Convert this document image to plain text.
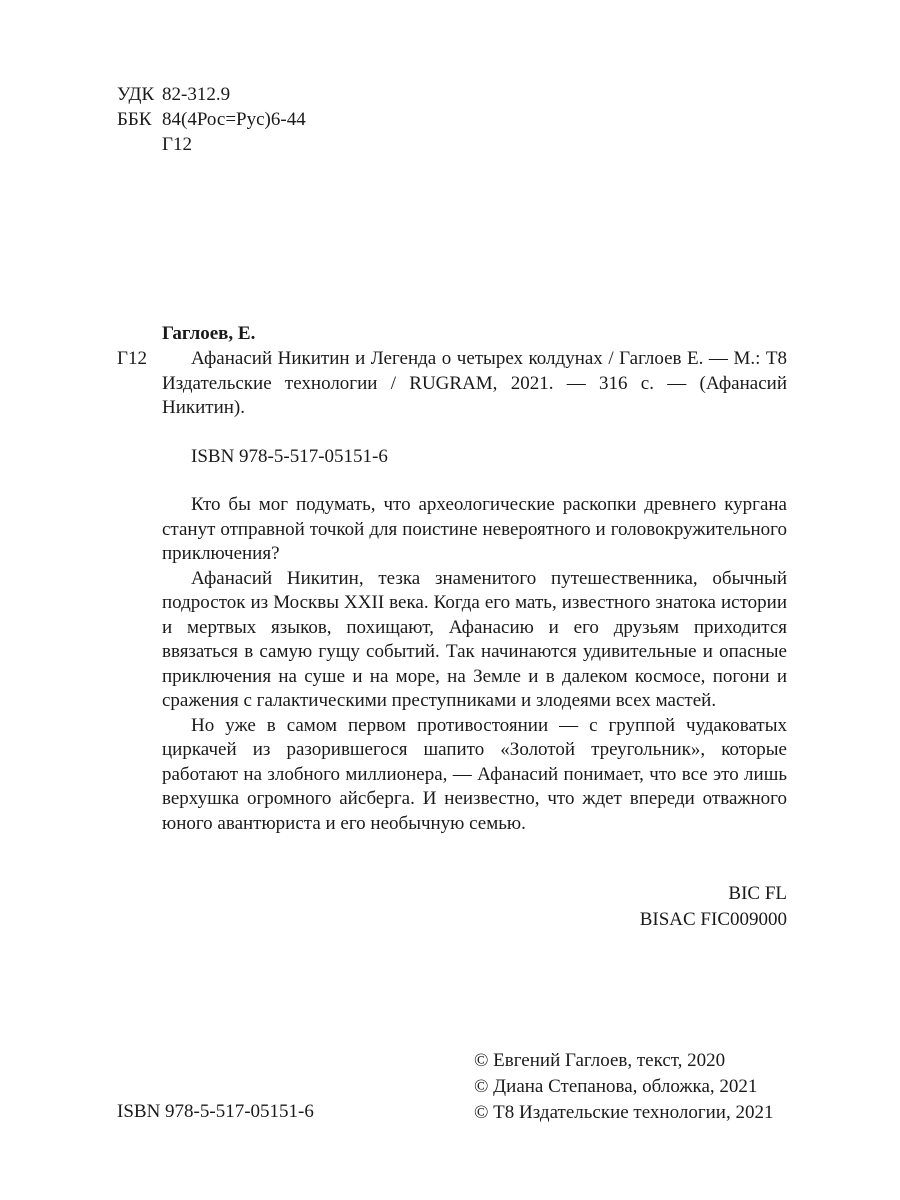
УДК 82-312.9
ББК 84(4Рос=Рус)6-44
Г12
Гаглоев, Е.
Г12	Афанасий Никитин и Легенда о четырех колдунах / Гаглоев Е. — М.: Т8 Издательские технологии / RUGRAM, 2021. — 316 с. — (Афанасий Никитин).
ISBN 978-5-517-05151-6

Кто бы мог подумать, что археологические раскопки древнего кургана станут отправной точкой для поистине невероятного и головокружительного приключения?

Афанасий Никитин, тезка знаменитого путешественника, обычный подросток из Москвы XXII века. Когда его мать, известного знатока истории и мертвых языков, похищают, Афанасию и его друзьям приходится ввязаться в самую гущу событий. Так начинаются удивительные и опасные приключения на суше и на море, на Земле и в далеком космосе, погони и сражения с галактическими преступниками и злодеями всех мастей.

Но уже в самом первом противостоянии — с группой чудаковатых циркачей из разорившегося шапито «Золотой треугольник», которые работают на злобного миллионера, — Афанасий понимает, что все это лишь верхушка огромного айсберга. И неизвестно, что ждет впереди отважного юного авантюриста и его необычную семью.

BIC FL
BISAC FIC009000
© Евгений Гаглоев, текст, 2020
© Диана Степанова, обложка, 2021
© Т8 Издательские технологии, 2021
ISBN 978-5-517-05151-6
